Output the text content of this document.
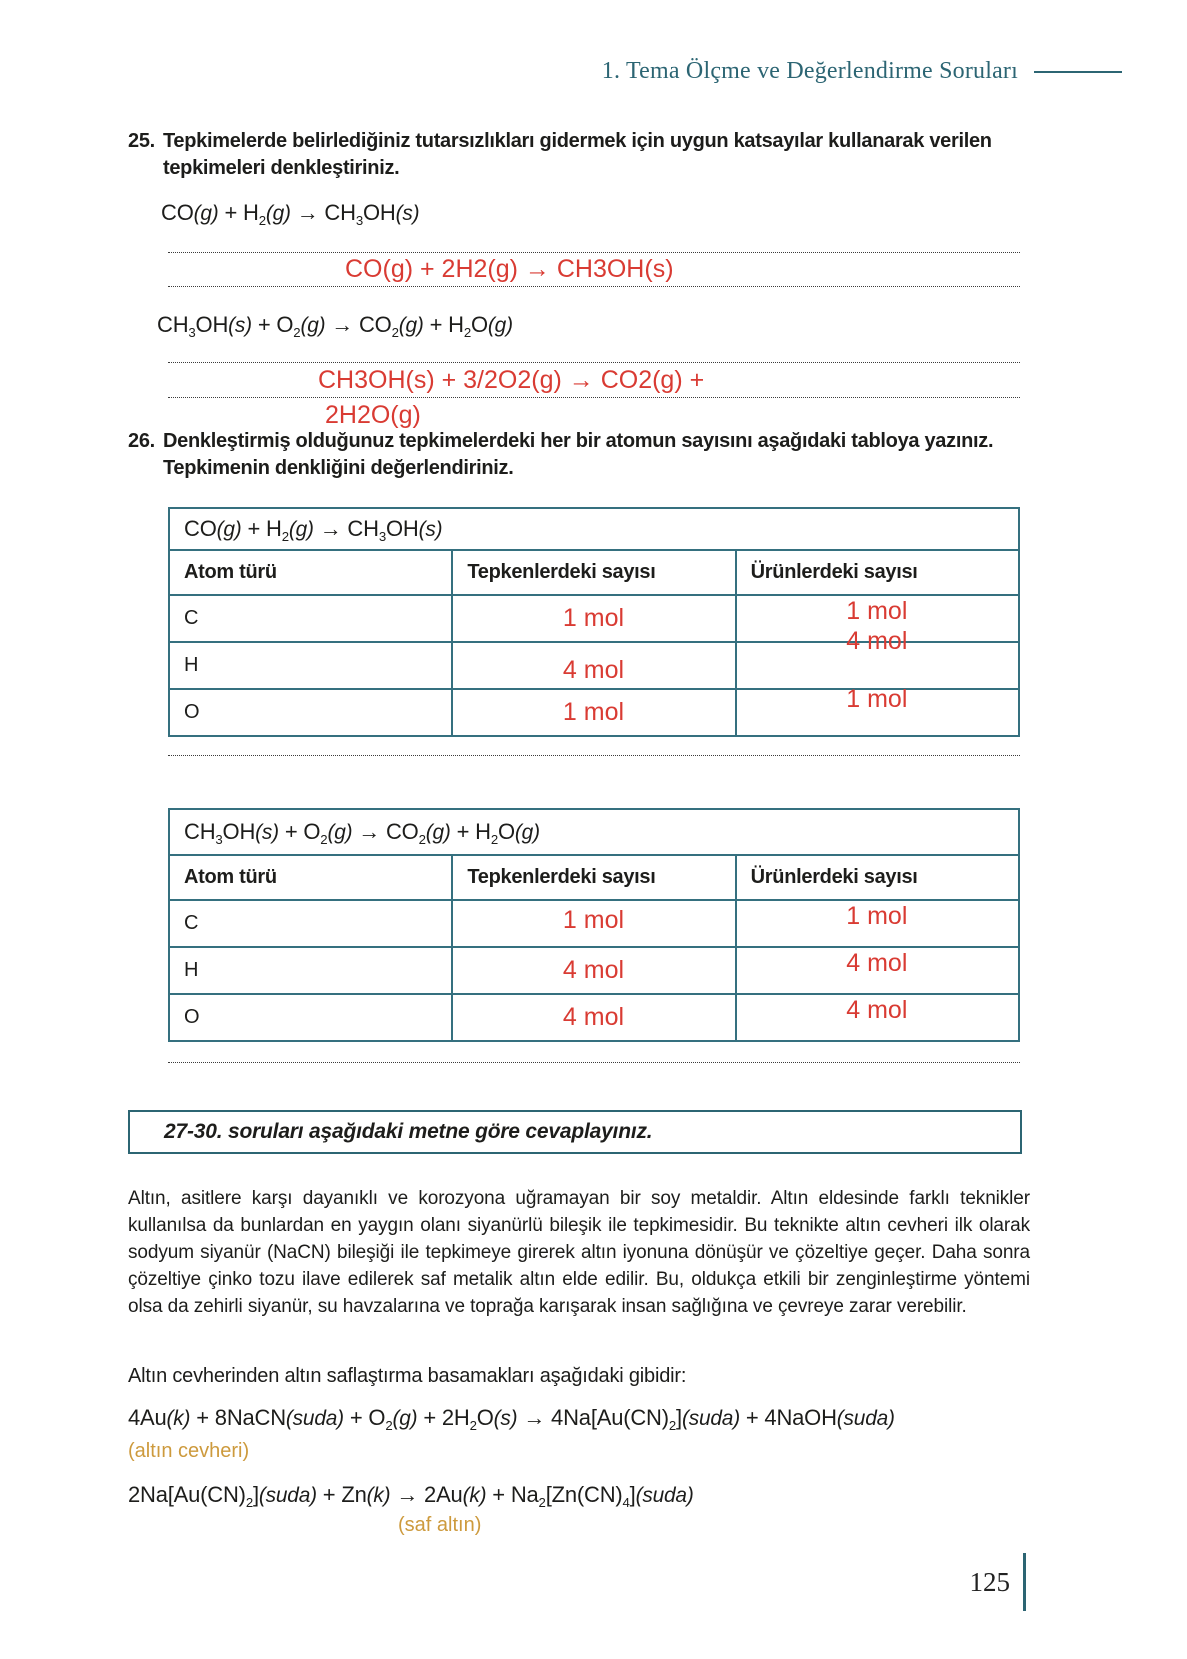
1. Tema Ölçme ve Değerlendirme Soruları
25. Tepkimelerde belirlediğiniz tutarsızlıkları gidermek için uygun katsayılar kullanarak verilen tepkimeleri denkleştiriniz.
$CO(g) + H_2(g) \to CH_3OH(s)$
CO(g) + 2H2(g) → CH3OH(s)
$CH_3OH(s) + O_2(g) \to CO_2(g) + H_2O(g)$
CH3OH(s) + 3/2O2(g) → CO2(g) +
2H2O(g)
26. Denkleştirmiş olduğunuz tepkimelerdeki her bir atomun sayısını aşağıdaki tabloya yazınız. Tepkimenin denkliğini değerlendiriniz.
$CO(g) + H_2(g) \to CH_3OH(s)$		
Atom türü	Tepkenlerdeki sayısı	Ürünlerdeki sayısı
C	1 mol	1 mol
H	4 mol	4 mol
O	1 mol	1 mol
$CH_3OH(s) + O_2(g) \to CO_2(g) + H_2O(g)$		
Atom türü	Tepkenlerdeki sayısı	Ürünlerdeki sayısı
C	1 mol	1 mol
H	4 mol	4 mol
O	4 mol	4 mol
27-30. soruları aşağıdaki metne göre cevaplayınız.

Altın, asitlere karşı dayanıklı ve korozyona uğramayan bir soy metaldir. Altın eldesinde farklı teknikler kullanılsa da bunlardan en yaygın olanı siyanürlü bileşik ile tepkimesidir. Bu teknikte altın cevheri ilk olarak sodyum siyanür (NaCN) bileşiği ile tepkimeye girerek altın iyonuna dönüşür ve çözeltiye geçer. Daha sonra çözeltiye çinko tozu ilave edilerek saf metalik altın elde edilir. Bu, oldukça etkili bir zenginleştirme yöntemi olsa da zehirli siyanür, su havzalarına ve toprağa karışarak insan sağlığına ve çevreye zarar verebilir.

Altın cevherinden altın saflaştırma basamakları aşağıdaki gibidir:

4Au(k) + 8NaCN(suda) + $O_2(g) + 2H_2O(s)$ → $4Na[Au(CN)_2](suda)$ + 4NaOH(suda)
(altın cevheri)
$2Na[Au(CN)_2](suda) + Zn(k) \to 2Au(k)$ + $Na_2[Zn(CN)_4](suda)$
(saf altın)
125
